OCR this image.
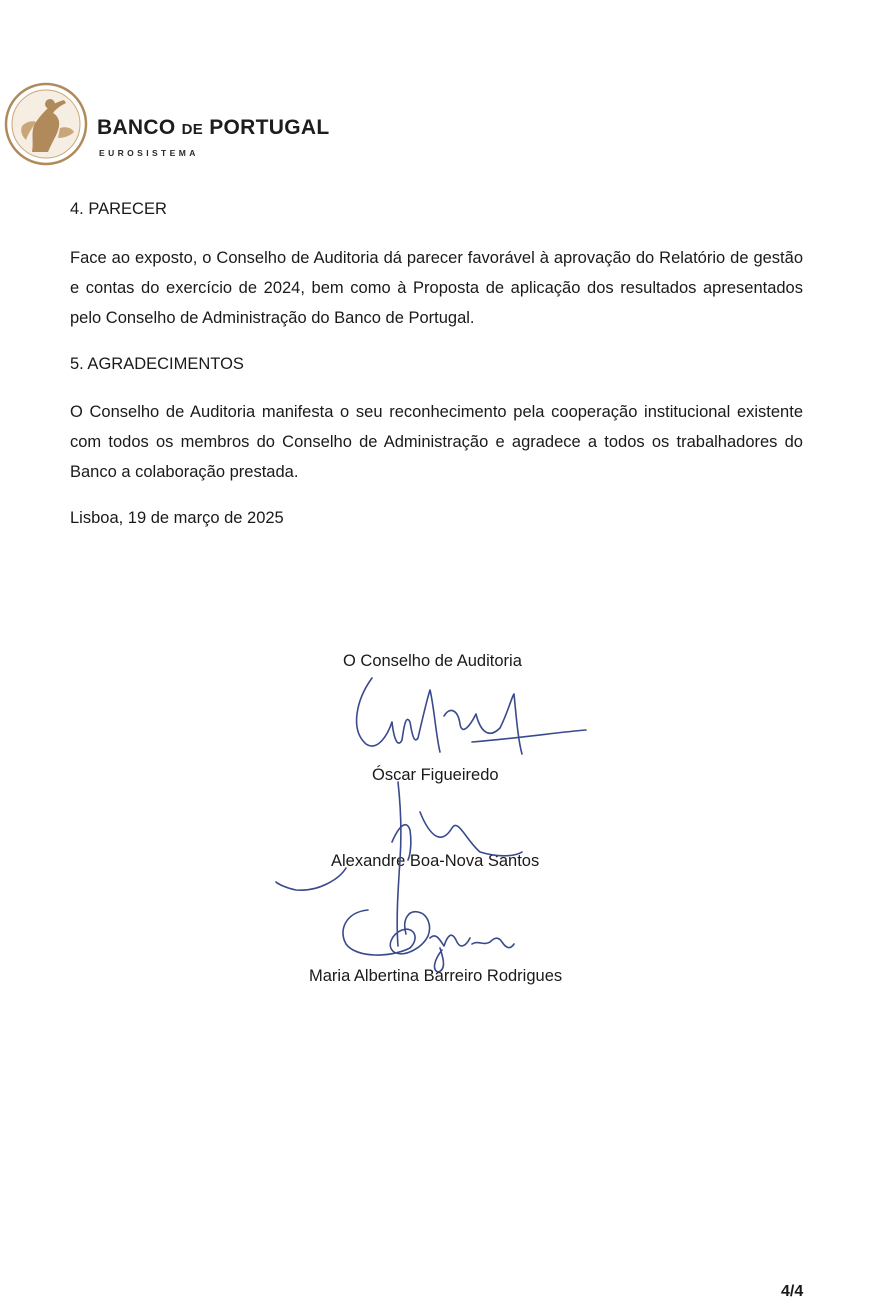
BANCO DE PORTUGAL
EUROSISTEMA
4. PARECER
Face ao exposto, o Conselho de Auditoria dá parecer favorável à aprovação do Relatório de gestão
e contas do exercício de 2024, bem como à Proposta de aplicação dos resultados apresentados
pelo Conselho de Administração do Banco de Portugal.
5. AGRADECIMENTOS
O Conselho de Auditoria manifesta o seu reconhecimento pela cooperação institucional existente
com todos os membros do Conselho de Administração e agradece a todos os trabalhadores do
Banco a colaboração prestada.
Lisboa, 19 de março de 2025
O Conselho de Auditoria
Óscar Figueiredo
Alexandre Boa-Nova Santos
Maria Albertina Barreiro Rodrigues
4/4
